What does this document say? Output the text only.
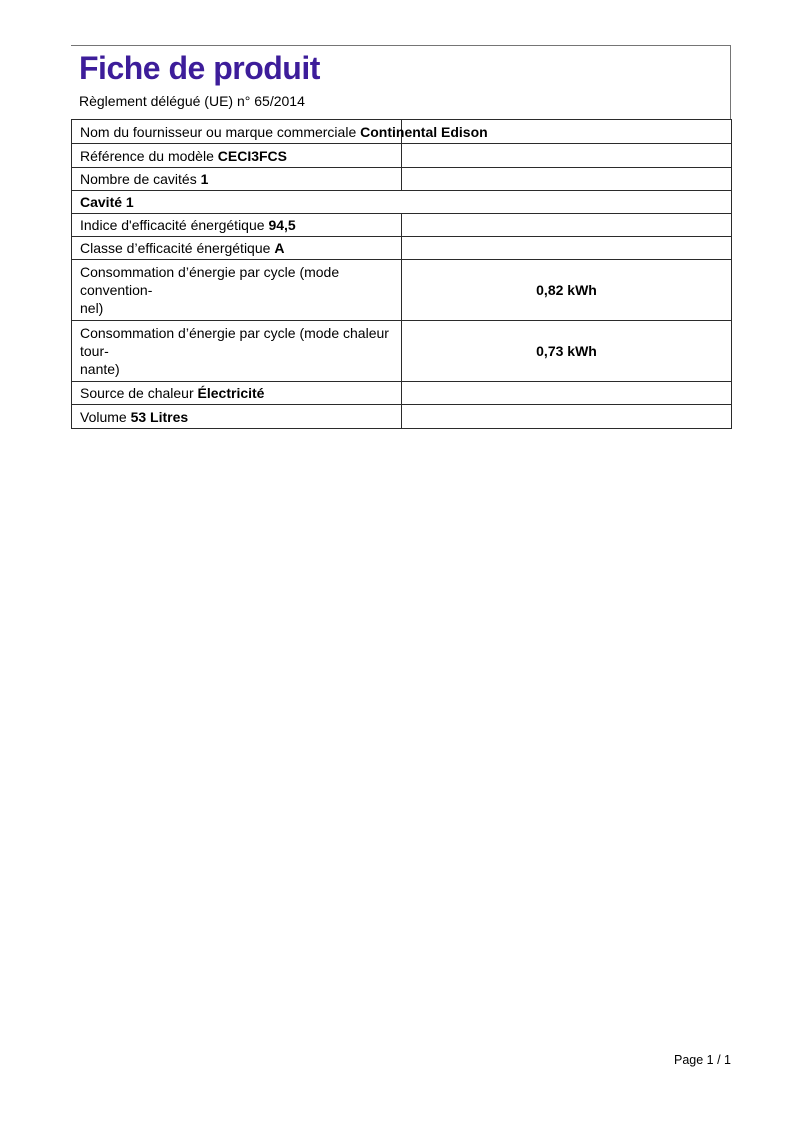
Fiche de produit
Règlement délégué (UE) n° 65/2014
Nom du fournisseur ou marque commerciale Continental Edison	

Référence du modèle CECI3FCS	
Nombre de cavités 1	
Cavité 1	
Indice d'efficacité énergétique 94,5	
Classe d’efficacité énergétique A	

Consommation d’énergie par cycle (mode convention-
nel)	0,82 kWh

Consommation d’énergie par cycle (mode chaleur tour-
nante)	0,73 kWh
Source de chaleur Électricité	
Volume 53 Litres	
Page 1 / 1
